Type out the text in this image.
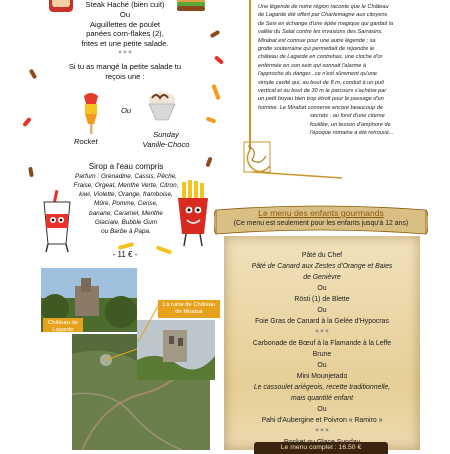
Steak Haché (bien cuit)
Ou
Aiguillettes de poulet
panées corn-flakes (2),
frites et une petite salade.
✶✶✶
Si tu as mangé la petite salade tu
reçois une :
Ou
Rocket
Sunday
Vanille-Choco
Sirop a l'eau compris
Parfum : Grenadine, Cassis, Pêche,
Fraise, Orgeat, Menthe Verte, Citron,
kiwi, Violette, Orange, framboise,
Mûre, Pomme, Cerise,
banane, Caramel, Menthe
Glaciale, Bubble Gum
ou Barbe à Papa.
- 11 € -
Une légende de notre région raconte que le Château
de Lagarde été offert par Charlemagne aux citoyens
de Seix en échange d'une épée magique qui gardait la
vallée du Salat contre les invasions des Sarrasins.
Mirabat est connue pour une autre légende ; sa
grotte souterraine qui permettait de rejoindre le
château de Lagarde en contrebas, une cloche d'or
enfermée en son sein qui sonnait l'alarme à
l'approche du danger...ce n'est sûrement qu'une
simple cavité qui, au bout de 8 m, conduit à un puit
vertical et au bout de 30 m le parcours s'achève par
un petit boyau bien trop étroit pour le passage d'un
homme. Le Mirabat conserve encore beaucoup de
secrets : au fond d'une citerne
fouillée, un tesson d'amphore de
l'époque romaine a été retrouvé...
Château de Lagarde
La ruine de Château de Mirabat
Le menu des enfants gourmands
(Ce menu est seulement pour les enfants jusqu'à 12 ans)
Pâté du Chef
Pâté de Canard aux Zestes d'Orange et Baies
de Genièvre
Ou
Rösti (1) de Blette
Ou
Foie Gras de Canard à la Gelée d'Hypocras
✶✶✶
Carbonade de Bœuf à la Flamande à la Leffe
Brune
Ou
Mini Mounjetado
Le cassoulet ariégeois, recette traditionnelle,
mais quantité enfant
Ou
Pahi d'Aubergine et Poivron « Ramiro »
✶✶✶
Le menu complet : 16.50 €
